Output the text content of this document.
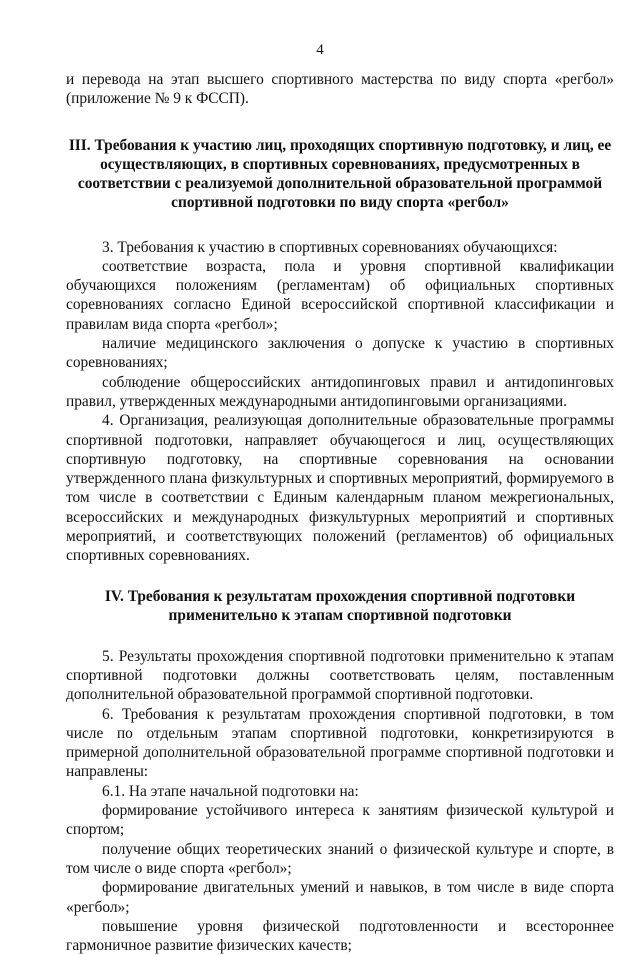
4

и перевода на этап высшего спортивного мастерства по виду спорта «регбол» (приложение № 9 к ФССП).

III. Требования к участию лиц, проходящих спортивную подготовку, и лиц, ее осуществляющих, в спортивных соревнованиях, предусмотренных в соответствии с реализуемой дополнительной образовательной программой спортивной подготовки по виду спорта «регбол»

3. Требования к участию в спортивных соревнованиях обучающихся:

соответствие возраста, пола и уровня спортивной квалификации обучающихся положениям (регламентам) об официальных спортивных соревнованиях согласно Единой всероссийской спортивной классификации и правилам вида спорта «регбол»;

наличие медицинского заключения о допуске к участию в спортивных соревнованиях;

соблюдение общероссийских антидопинговых правил и антидопинговых правил, утвержденных международными антидопинговыми организациями.

4. Организация, реализующая дополнительные образовательные программы спортивной подготовки, направляет обучающегося и лиц, осуществляющих спортивную подготовку, на спортивные соревнования на основании утвержденного плана физкультурных и спортивных мероприятий, формируемого в том числе в соответствии с Единым календарным планом межрегиональных, всероссийских и международных физкультурных мероприятий и спортивных мероприятий, и соответствующих положений (регламентов) об официальных спортивных соревнованиях.

IV. Требования к результатам прохождения спортивной подготовки применительно к этапам спортивной подготовки

5. Результаты прохождения спортивной подготовки применительно к этапам спортивной подготовки должны соответствовать целям, поставленным дополнительной образовательной программой спортивной подготовки.

6. Требования к результатам прохождения спортивной подготовки, в том числе по отдельным этапам спортивной подготовки, конкретизируются в примерной дополнительной образовательной программе спортивной подготовки и направлены:

6.1. На этапе начальной подготовки на:

формирование устойчивого интереса к занятиям физической культурой и спортом;

получение общих теоретических знаний о физической культуре и спорте, в том числе о виде спорта «регбол»;

формирование двигательных умений и навыков, в том числе в виде спорта «регбол»;

повышение уровня физической подготовленности и всестороннее гармоничное развитие физических качеств;
